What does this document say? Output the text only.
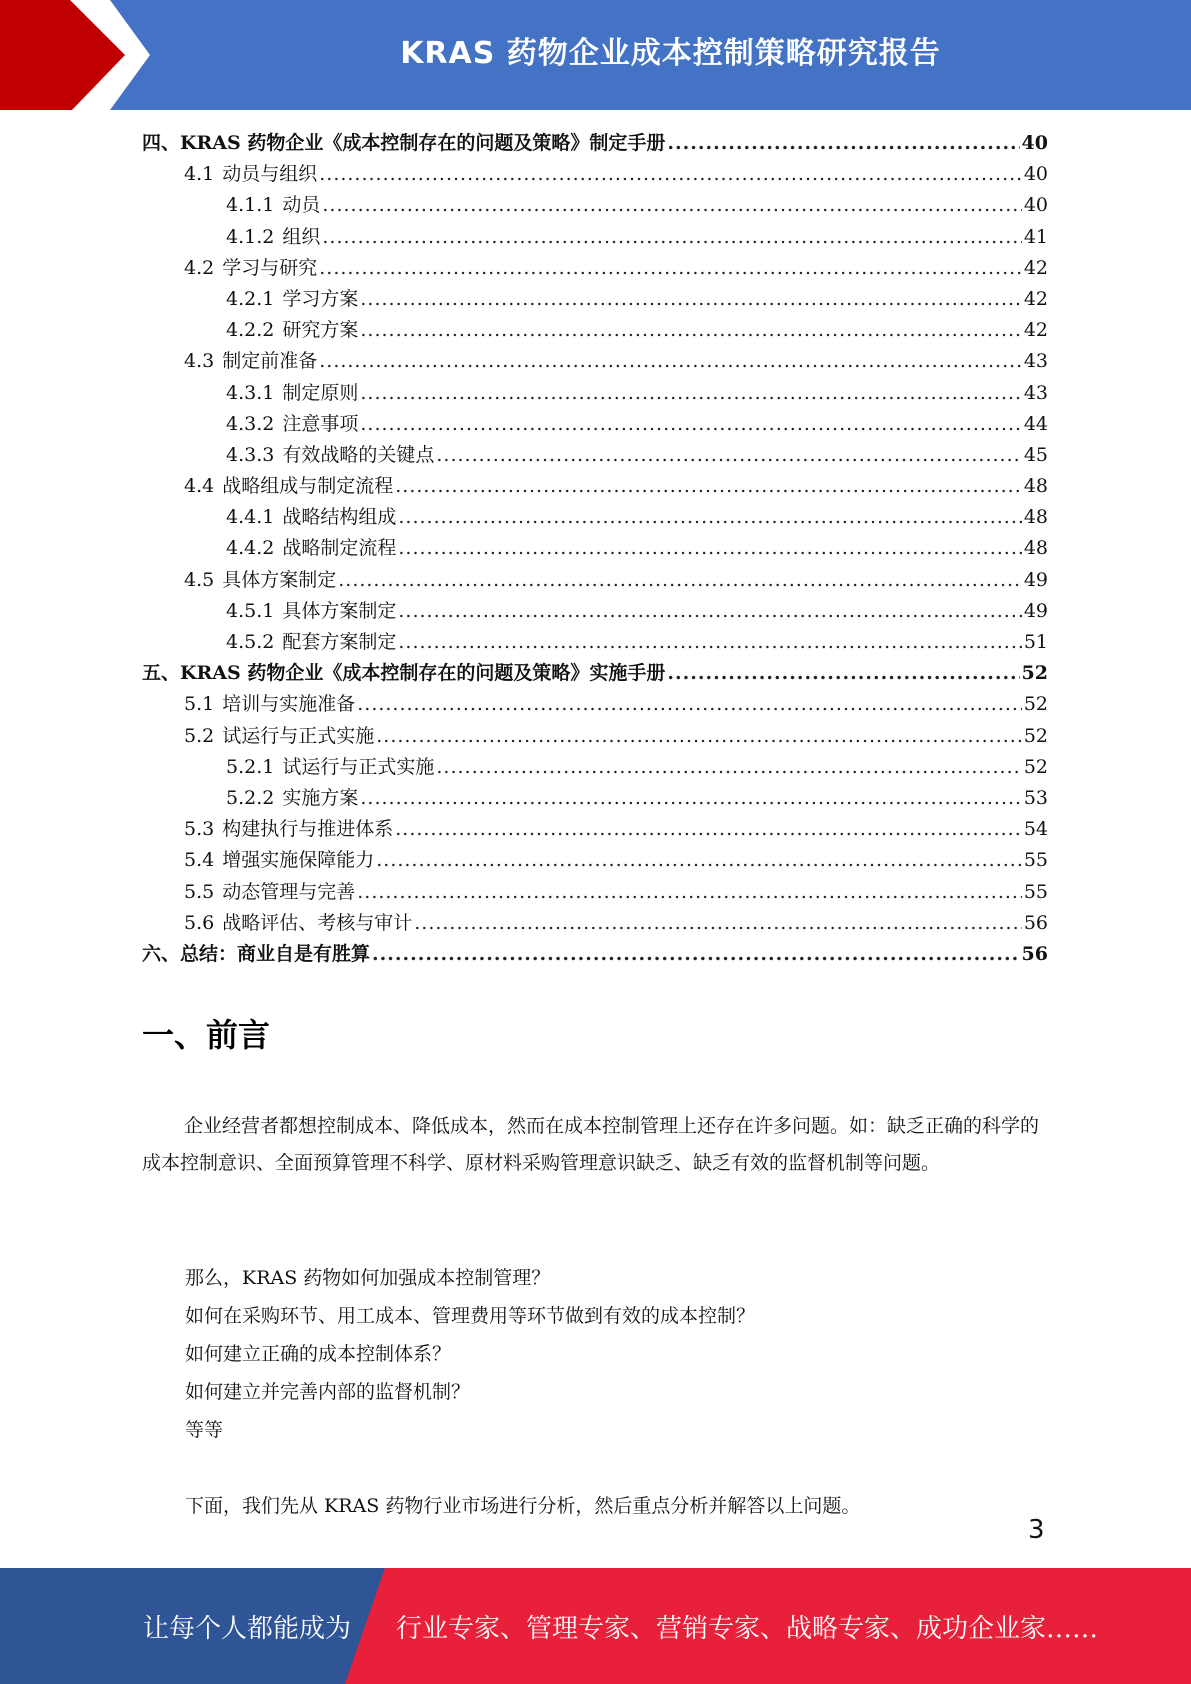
KRAS 药物企业成本控制策略研究报告
四、KRAS 药物企业《成本控制存在的问题及策略》制定手册 .....	40
4.1 动员与组织 .....	40
4.1.1 动员 .....	40
4.1.2 组织 .....	41
4.2 学习与研究 .....	42
4.2.1 学习方案 .....	42
4.2.2 研究方案 .....	42
4.3 制定前准备 .....	43
4.3.1 制定原则 .....	43
4.3.2 注意事项 .....	44
4.3.3 有效战略的关键点 .....	45
4.4 战略组成与制定流程 .....	48
4.4.1 战略结构组成 .....	48
4.4.2 战略制定流程 .....	48
4.5 具体方案制定 .....	49
4.5.1 具体方案制定 .....	49
4.5.2 配套方案制定 .....	51
五、KRAS 药物企业《成本控制存在的问题及策略》实施手册 .....	52
5.1 培训与实施准备 .....	52
5.2 试运行与正式实施 .....	52
5.2.1 试运行与正式实施 .....	52
5.2.2 实施方案 .....	53
5.3 构建执行与推进体系 .....	54
5.4 增强实施保障能力 .....	55
5.5 动态管理与完善 .....	55
5.6 战略评估、考核与审计 .....	56
六、总结：商业自是有胜算 .....	56
一、前言
企业经营者都想控制成本、降低成本，然而在成本控制管理上还存在许多问题。如：缺乏正确的科学的成本控制意识、全面预算管理不科学、原材料采购管理意识缺乏、缺乏有效的监督机制等问题。
那么，KRAS 药物如何加强成本控制管理？
如何在采购环节、用工成本、管理费用等环节做到有效的成本控制？
如何建立正确的成本控制体系？
如何建立并完善内部的监督机制？
等等
下面，我们先从 KRAS 药物行业市场进行分析，然后重点分析并解答以上问题。
3
让每个人都能成为 行业专家、管理专家、营销专家、战略专家、成功企业家……
